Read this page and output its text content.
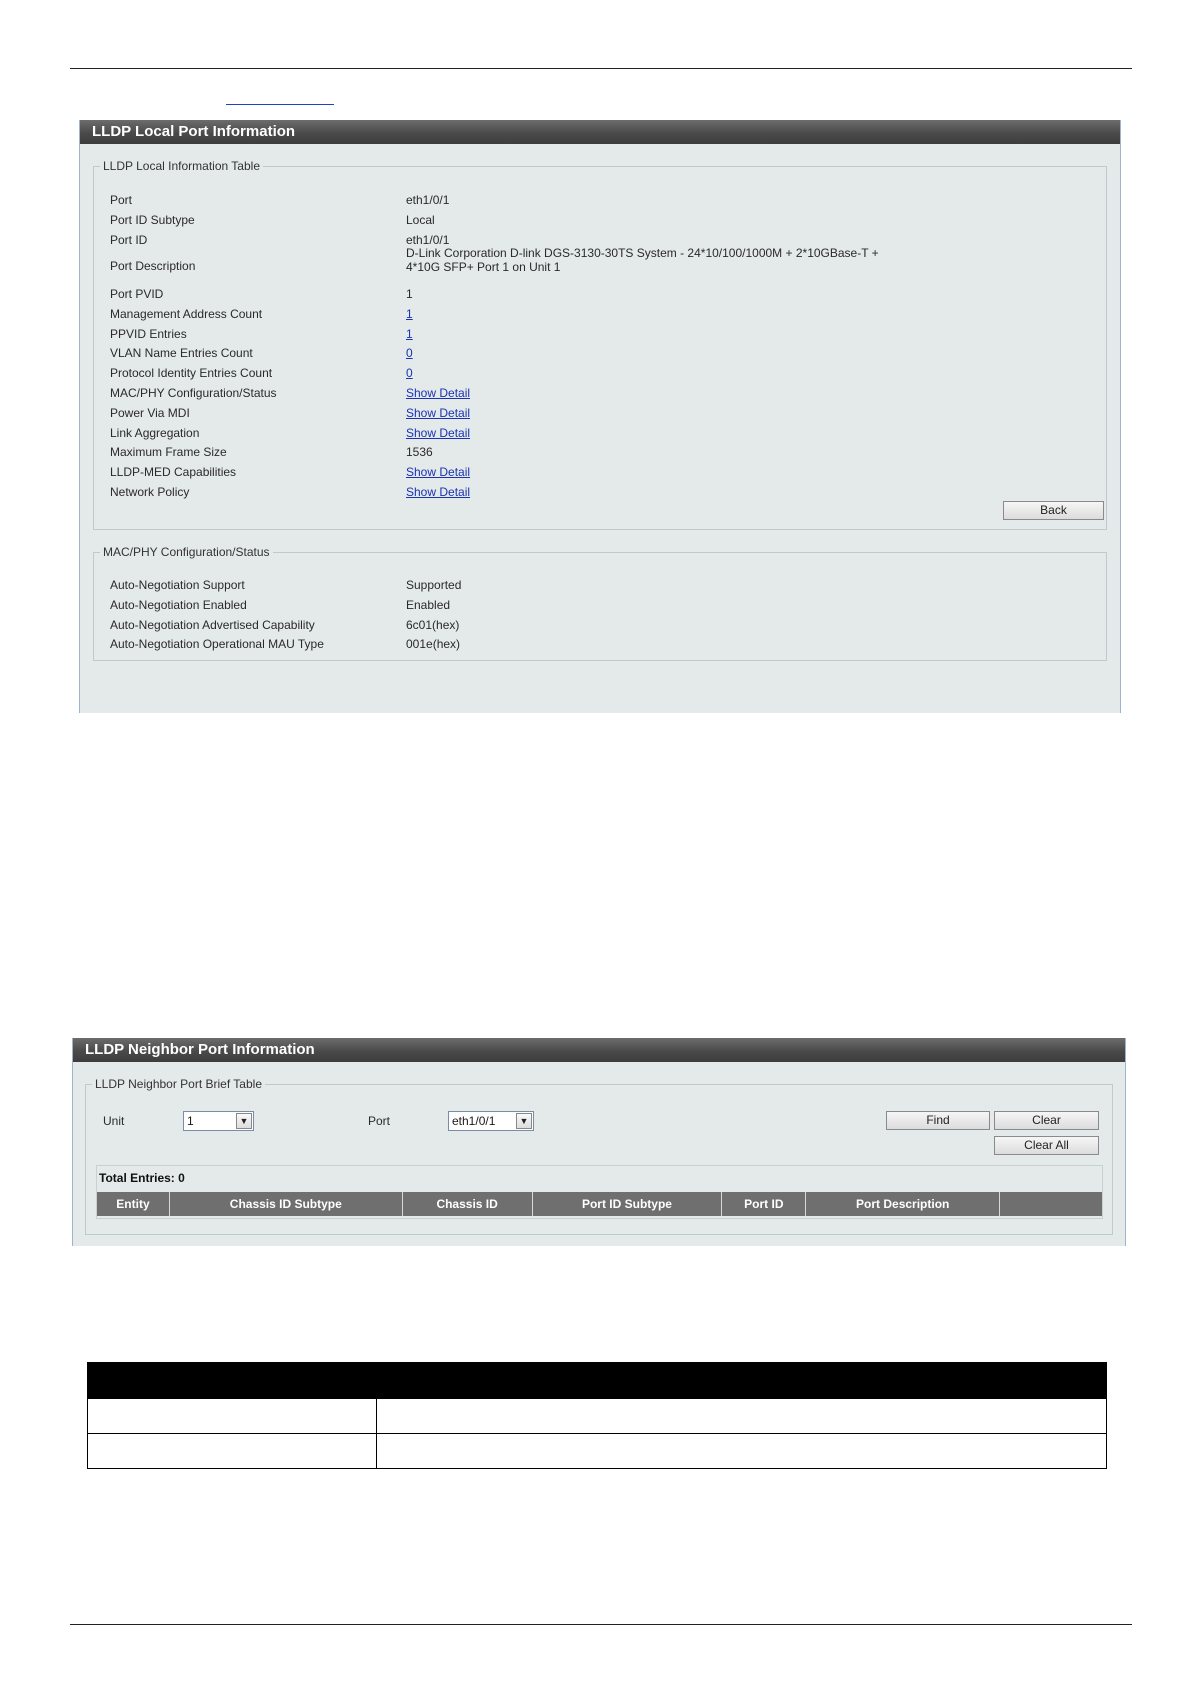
LLDP Local Port Information
LLDP Local Information Table
Port	eth1/0/1
Port ID Subtype	Local
Port ID	eth1/0/1
Port Description
D-Link Corporation D-link DGS-3130-30TS System - 24*10/100/1000M + 2*10GBase-T +
4*10G SFP+ Port 1 on Unit 1
Port PVID	1
Management Address Count	1
PPVID Entries	1
VLAN Name Entries Count	0
Protocol Identity Entries Count	0
MAC/PHY Configuration/Status	Show Detail
Power Via MDI	Show Detail
Link Aggregation	Show Detail
Maximum Frame Size	1536
LLDP-MED Capabilities	Show Detail
Network Policy	Show Detail
Back
MAC/PHY Configuration/Status
Auto-Negotiation Support	Supported
Auto-Negotiation Enabled	Enabled
Auto-Negotiation Advertised Capability	6c01(hex)
Auto-Negotiation Operational MAU Type	001e(hex)
LLDP Neighbor Port Information
LLDP Neighbor Port Brief Table
Unit	1	▼	Port	eth1/0/1	▼	Find	Clear
Clear All
Total Entries: 0
Entity	Chassis ID Subtype	Chassis ID	Port ID Subtype	Port ID	Port Description
